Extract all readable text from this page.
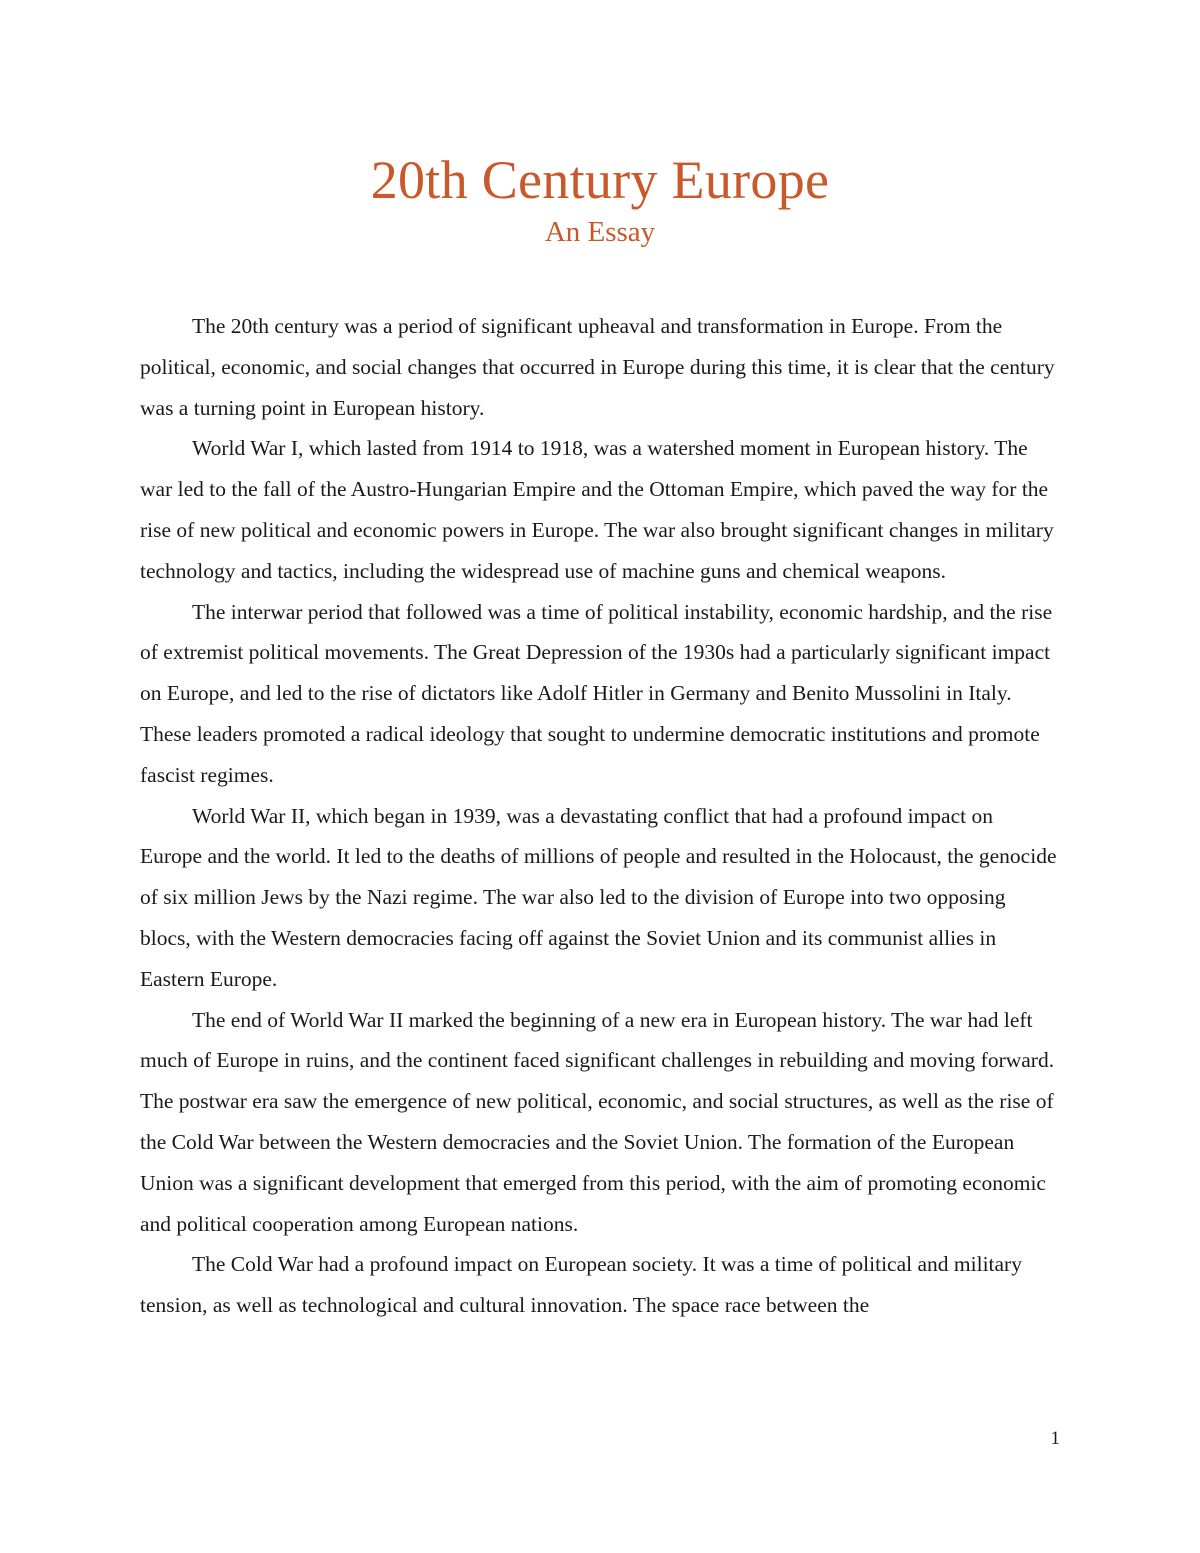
20th Century Europe
An Essay

The 20th century was a period of significant upheaval and transformation in Europe. From the political, economic, and social changes that occurred in Europe during this time, it is clear that the century was a turning point in European history.

World War I, which lasted from 1914 to 1918, was a watershed moment in European history. The war led to the fall of the Austro-Hungarian Empire and the Ottoman Empire, which paved the way for the rise of new political and economic powers in Europe. The war also brought significant changes in military technology and tactics, including the widespread use of machine guns and chemical weapons.

The interwar period that followed was a time of political instability, economic hardship, and the rise of extremist political movements. The Great Depression of the 1930s had a particularly significant impact on Europe, and led to the rise of dictators like Adolf Hitler in Germany and Benito Mussolini in Italy. These leaders promoted a radical ideology that sought to undermine democratic institutions and promote fascist regimes.

World War II, which began in 1939, was a devastating conflict that had a profound impact on Europe and the world. It led to the deaths of millions of people and resulted in the Holocaust, the genocide of six million Jews by the Nazi regime. The war also led to the division of Europe into two opposing blocs, with the Western democracies facing off against the Soviet Union and its communist allies in Eastern Europe.

The end of World War II marked the beginning of a new era in European history. The war had left much of Europe in ruins, and the continent faced significant challenges in rebuilding and moving forward. The postwar era saw the emergence of new political, economic, and social structures, as well as the rise of the Cold War between the Western democracies and the Soviet Union. The formation of the European Union was a significant development that emerged from this period, with the aim of promoting economic and political cooperation among European nations.

The Cold War had a profound impact on European society. It was a time of political and military tension, as well as technological and cultural innovation. The space race between the

1
